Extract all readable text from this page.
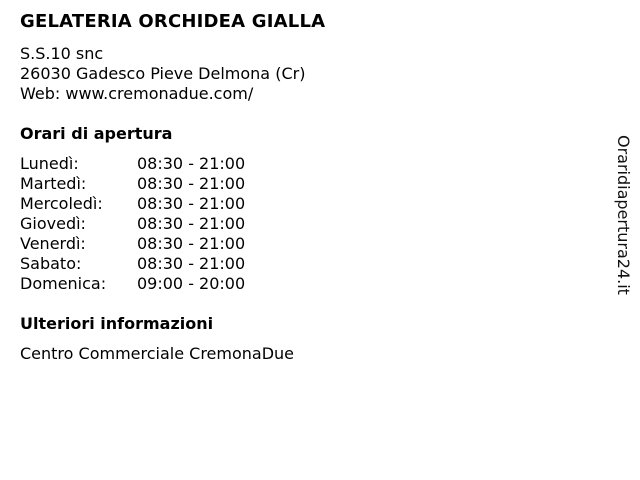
GELATERIA ORCHIDEA GIALLA
S.S.10 snc
26030 Gadesco Pieve Delmona (Cr)
Web: www.cremonadue.com/
Orari di apertura
Lunedì:	08:30 - 21:00
Martedì:	08:30 - 21:00
Mercoledì: 08:30 - 21:00
Giovedì:	08:30 - 21:00
Venerdì:	08:30 - 21:00
Sabato:	08:30 - 21:00
Domenica: 09:00 - 20:00
Ulteriori informazioni
Centro Commerciale CremonaDue
Oraridiapertura24.it
